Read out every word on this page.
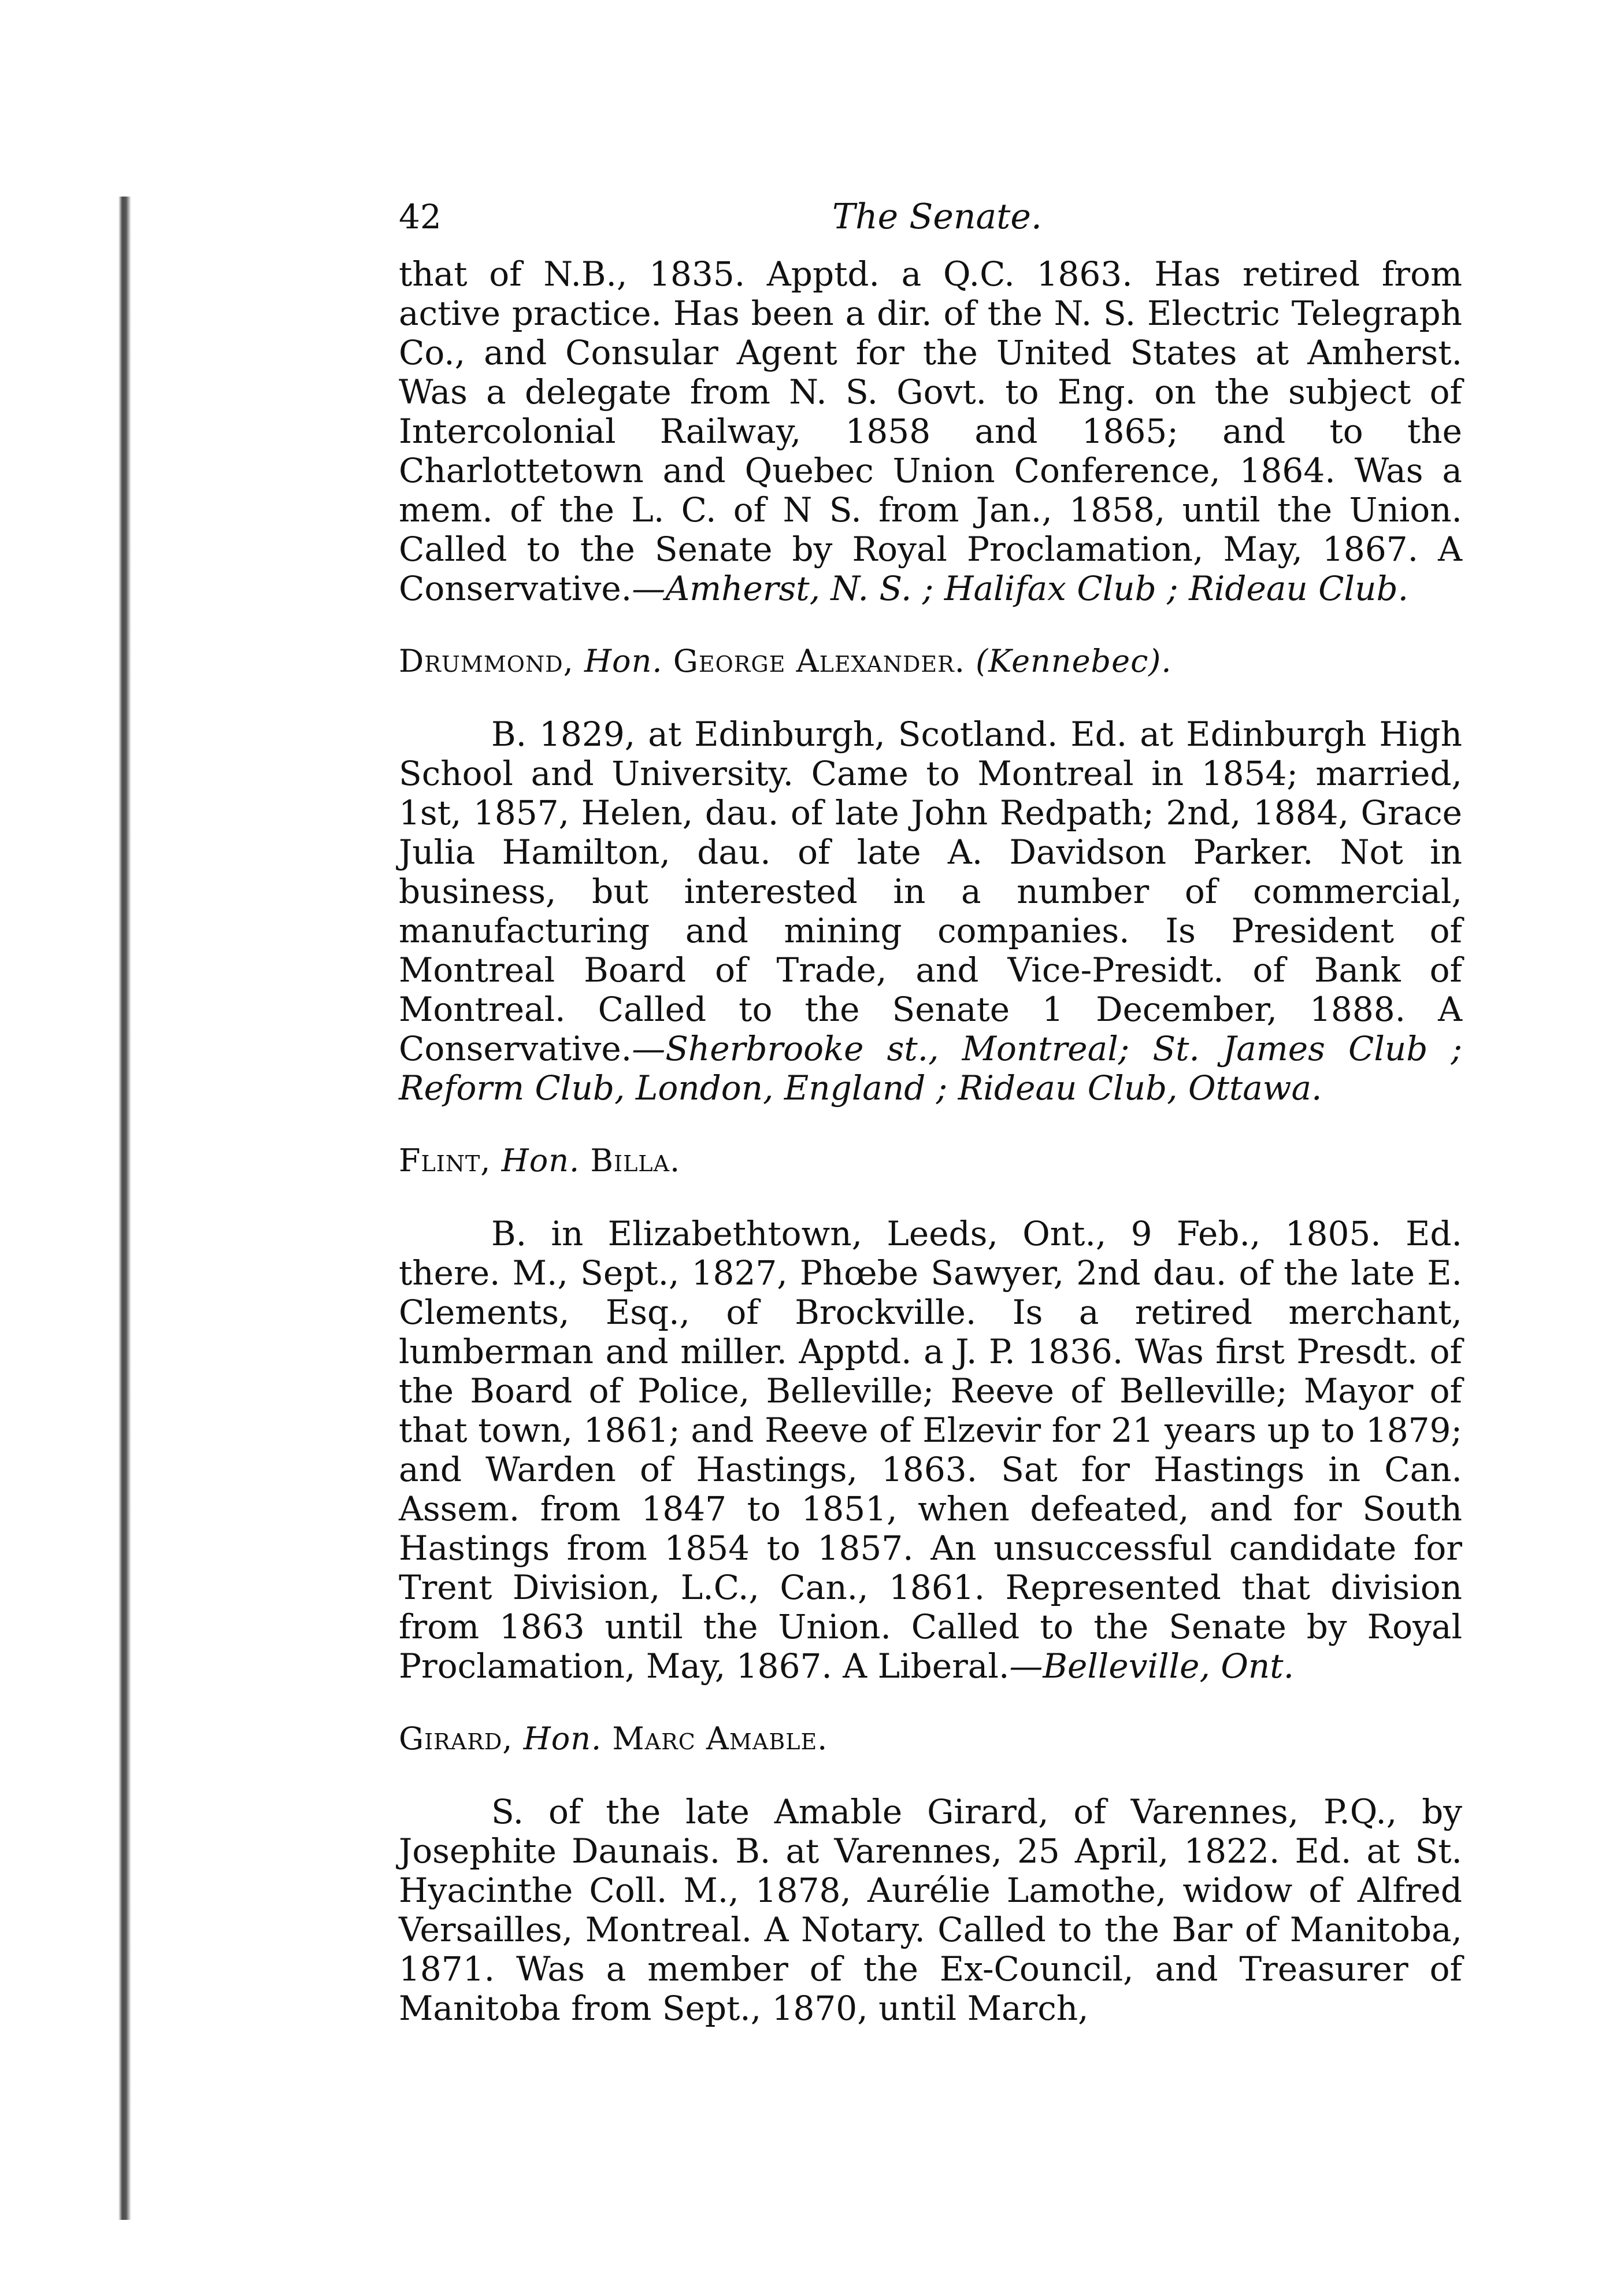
42	The Senate.

that of N.B., 1835. Apptd. a Q.C. 1863. Has retired from active practice. Has been a dir. of the N. S. Electric Telegraph Co., and Consular Agent for the United States at Amherst. Was a delegate from N. S. Govt. to Eng. on the subject of Intercolonial Railway, 1858 and 1865; and to the Charlottetown and Quebec Union Conference, 1864. Was a mem. of the L. C. of N S. from Jan., 1858, until the Union. Called to the Senate by Royal Proclamation, May, 1867. A Conservative.—Amherst, N. S. ; Halifax Club ; Rideau Club.

Drummond, Hon. George Alexander. (Kennebec).

B. 1829, at Edinburgh, Scotland. Ed. at Edinburgh High School and University. Came to Montreal in 1854; married, 1st, 1857, Helen, dau. of late John Redpath; 2nd, 1884, Grace Julia Hamilton, dau. of late A. Davidson Parker. Not in business, but interested in a number of commercial, manufacturing and mining companies. Is President of Montreal Board of Trade, and Vice-Presidt. of Bank of Montreal. Called to the Senate 1 December, 1888. A Conservative.—Sherbrooke st., Montreal; St. James Club ; Reform Club, London, England ; Rideau Club, Ottawa.

Flint, Hon. Billa.

B. in Elizabethtown, Leeds, Ont., 9 Feb., 1805. Ed. there. M., Sept., 1827, Phœbe Sawyer, 2nd dau. of the late E. Clements, Esq., of Brockville. Is a retired merchant, lumberman and miller. Apptd. a J. P. 1836. Was first Presdt. of the Board of Police, Belleville; Reeve of Belleville; Mayor of that town, 1861; and Reeve of Elzevir for 21 years up to 1879; and Warden of Hastings, 1863. Sat for Hastings in Can. Assem. from 1847 to 1851, when defeated, and for South Hastings from 1854 to 1857. An unsuccessful candidate for Trent Division, L.C., Can., 1861. Represented that division from 1863 until the Union. Called to the Senate by Royal Proclamation, May, 1867. A Liberal.—Belleville, Ont.

Girard, Hon. Marc Amable.

S. of the late Amable Girard, of Varennes, P.Q., by Josephite Daunais. B. at Varennes, 25 April, 1822. Ed. at St. Hyacinthe Coll. M., 1878, Aurélie Lamothe, widow of Alfred Versailles, Montreal. A Notary. Called to the Bar of Manitoba, 1871. Was a member of the Ex-Council, and Treasurer of Manitoba from Sept., 1870, until March,
